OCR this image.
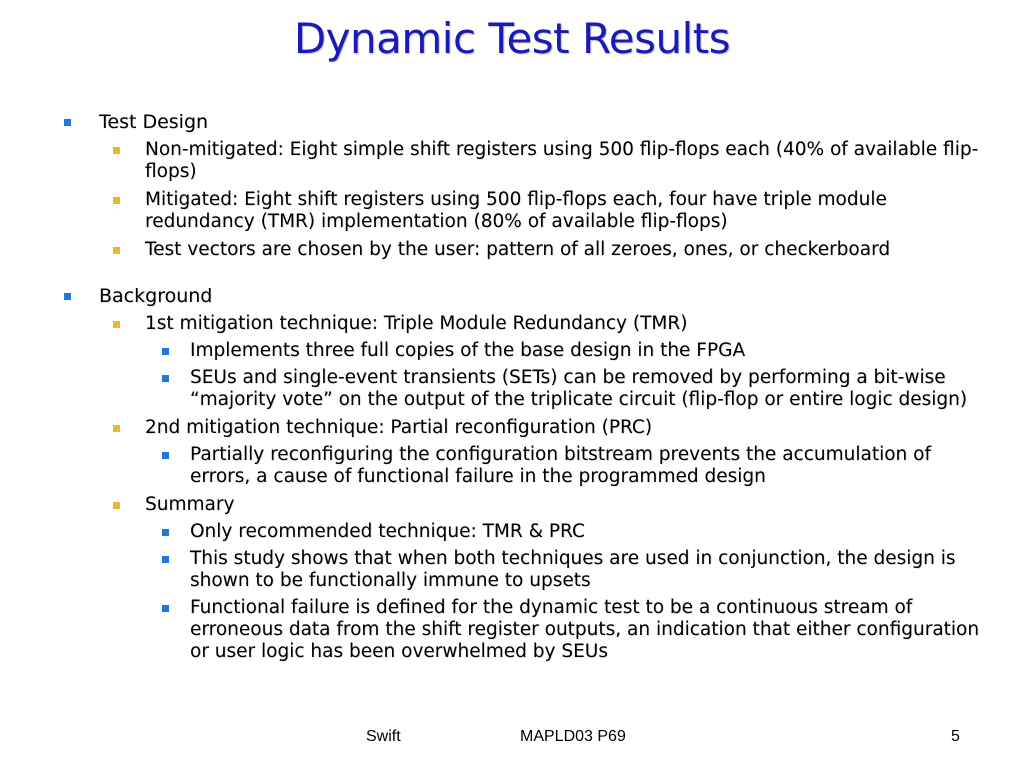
Dynamic Test Results
Test Design
Non-mitigated: Eight simple shift registers using 500 flip-flops each (40% of available flip-flops)
Mitigated: Eight shift registers using 500 flip-flops each, four have triple module redundancy (TMR) implementation (80% of available flip-flops)
Test vectors are chosen by the user: pattern of all zeroes, ones, or checkerboard
Background
1st mitigation technique: Triple Module Redundancy (TMR)
Implements three full copies of the base design in the FPGA
SEUs and single-event transients (SETs) can be removed by performing a bit-wise “majority vote” on the output of the triplicate circuit (flip-flop or entire logic design)
2nd mitigation technique: Partial reconfiguration (PRC)
Partially reconfiguring the configuration bitstream prevents the accumulation of errors, a cause of functional failure in the programmed design
Summary
Only recommended technique: TMR & PRC
This study shows that when both techniques are used in conjunction, the design is shown to be functionally immune to upsets
Functional failure is defined for the dynamic test to be a continuous stream of erroneous data from the shift register outputs, an indication that either configuration or user logic has been overwhelmed by SEUs
Swift	MAPLD03 P69	5
